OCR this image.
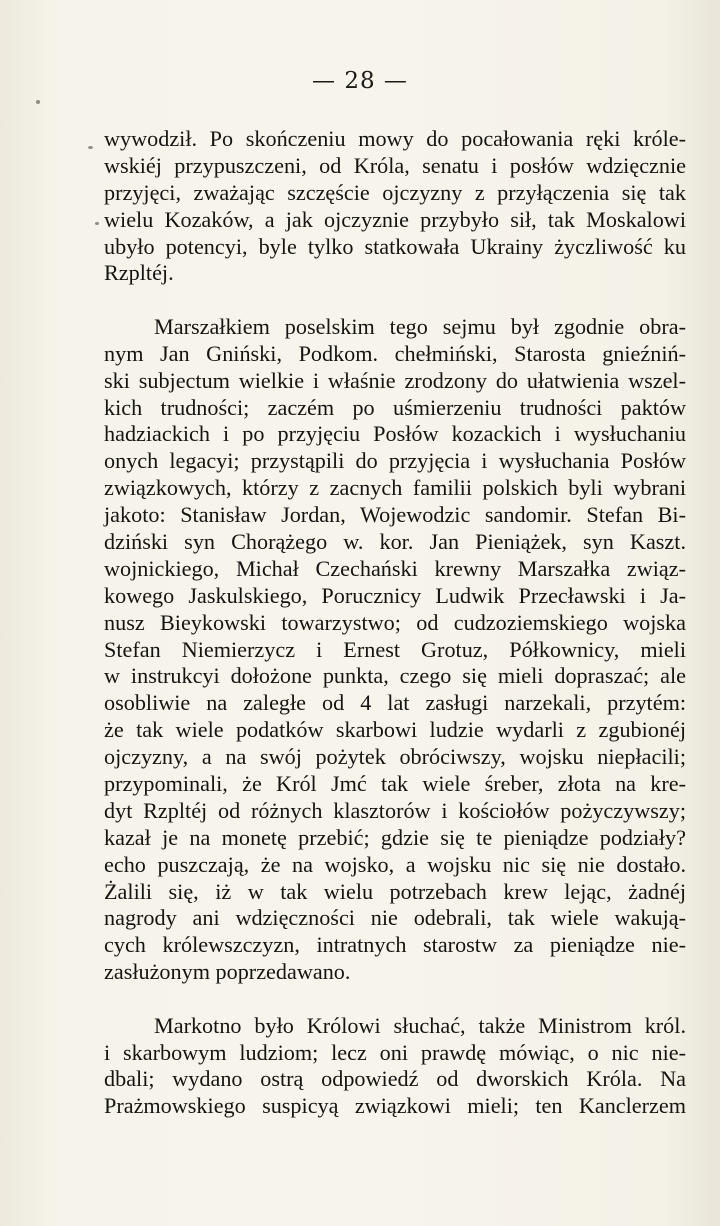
— 28 —
wywodził. Po skończeniu mowy do pocałowania ręki króle-
wskiéj przypuszczeni, od Króla, senatu i posłów wdzięcznie
przyjęci, zważając szczęście ojczyzny z przyłączenia się tak
wielu Kozaków, a jak ojczyznie przybyło sił, tak Moskalowi
ubyło potencyi, byle tylko statkowała Ukrainy życzliwość ku
Rzpltéj.
Marszałkiem poselskim tego sejmu był zgodnie obra-
nym Jan Gniński, Podkom. chełmiński, Starosta gnieźniń-
ski subjectum wielkie i właśnie zrodzony do ułatwienia wszel-
kich trudności; zaczém po uśmierzeniu trudności paktów
hadziackich i po przyjęciu Posłów kozackich i wysłuchaniu
onych legacyi; przystąpili do przyjęcia i wysłuchania Posłów
związkowych, którzy z zacnych familii polskich byli wybrani
jakoto: Stanisław Jordan, Wojewodzic sandomir. Stefan Bi-
dziński syn Chorążego w. kor. Jan Pieniążek, syn Kaszt.
wojnickiego, Michał Czechański krewny Marszałka związ-
kowego Jaskulskiego, Porucznicy Ludwik Przecławski i Ja-
nusz Bieykowski towarzystwo; od cudzoziemskiego wojska
Stefan Niemierzycz i Ernest Grotuz, Półkownicy, mieli
w instrukcyi dołożone punkta, czego się mieli dopraszać; ale
osobliwie na zaległe od 4 lat zasługi narzekali, przytém:
że tak wiele podatków skarbowi ludzie wydarli z zgubionéj
ojczyzny, a na swój pożytek obróciwszy, wojsku niepłacili;
przypominali, że Król Jmć tak wiele śreber, złota na kre-
dyt Rzpltéj od różnych klasztorów i kościołów pożyczywszy;
kazał je na monetę przebić; gdzie się te pieniądze podziały?
echo puszczają, że na wojsko, a wojsku nic się nie dostało.
Żalili się, iż w tak wielu potrzebach krew lejąc, żadnéj
nagrody ani wdzięczności nie odebrali, tak wiele wakują-
cych królewszczyzn, intratnych starostw za pieniądze nie-
zasłużonym poprzedawano.
Markotno było Królowi słuchać, także Ministrom król.
i skarbowym ludziom; lecz oni prawdę mówiąc, o nic nie-
dbali; wydano ostrą odpowiedź od dworskich Króla. Na
Prażmowskiego suspicyą związkowi mieli; ten Kanclerzem
